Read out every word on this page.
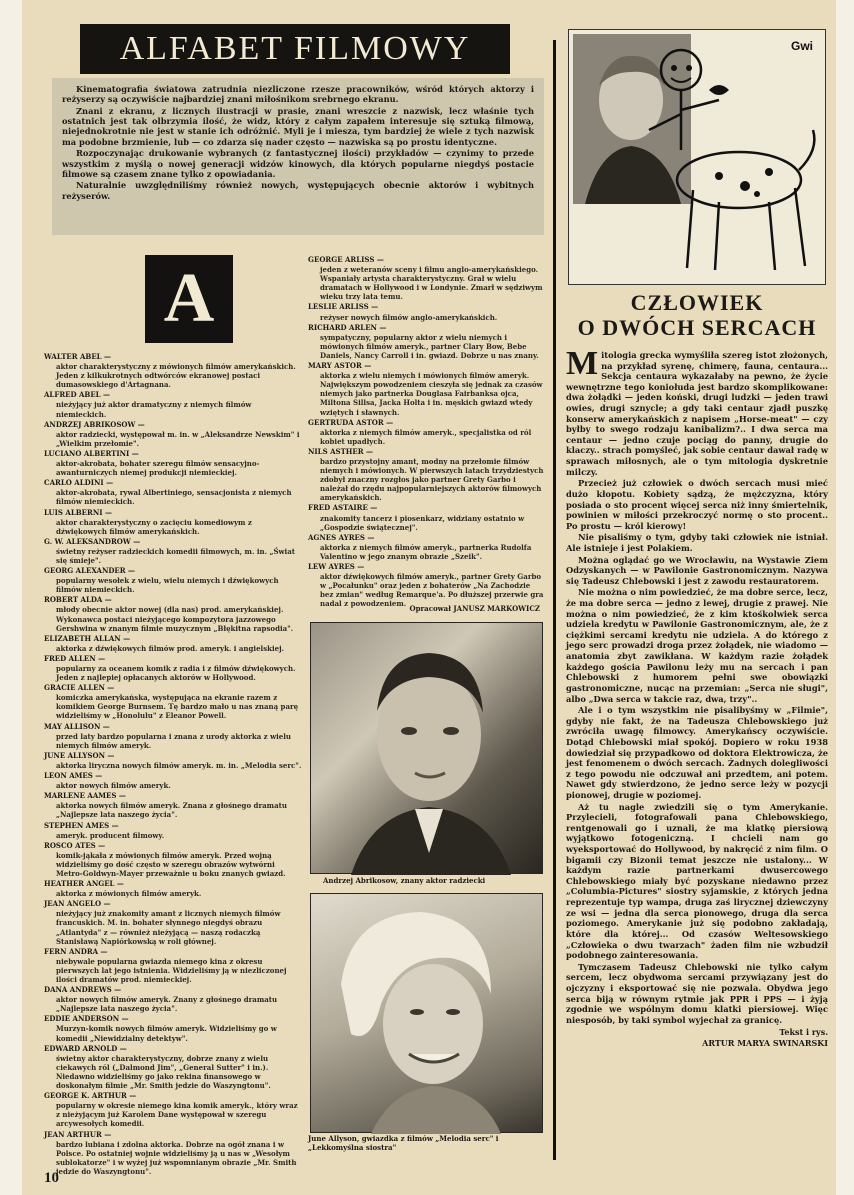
ALFABET FILMOWY

Kinematografia światowa zatrudnia niezliczone rzesze pracowników, wśród których aktorzy i reżyserzy są oczywiście najbardziej znani miłośnikom srebrnego ekranu.

Znani z ekranu, z licznych ilustracji w prasie, znani wreszcie z nazwisk, lecz właśnie tych ostatnich jest tak olbrzymia ilość, że widz, który z całym zapałem interesuje się sztuką filmową, niejednokrotnie nie jest w stanie ich odróżnić. Myli je i miesza, tym bardziej że wiele z tych nazwisk ma podobne brzmienie, lub — co zdarza się nader często — nazwiska są po prostu identyczne.

Rozpoczynając drukowanie wybranych (z fantastycznej ilości) przykładów — czynimy to przede wszystkim z myślą o nowej generacji widzów kinowych, dla których popularne niegdyś postacie filmowe są czasem znane tylko z opowiadania.

Naturalnie uwzględniliśmy również nowych, występujących obecnie aktorów i wybitnych reżyserów.

A
WALTER ABEL —
aktor charakterystyczny z mówionych filmów amerykańskich. Jeden z kilkukrotnych odtwórców ekranowej postaci dumasowskiego d'Artagnana.
ALFRED ABEL —
nieżyjący już aktor dramatyczny z niemych filmów niemieckich.
ANDRZEJ ABRIKOSOW —
aktor radziecki, występował m. in. w „Aleksandrze Newskim" i „Wielkim przełomie".
LUCIANO ALBERTINI —
aktor-akrobata, bohater szeregu filmów sensacyjno-awanturniczych niemej produkcji niemieckiej.
CARLO ALDINI —
aktor-akrobata, rywal Albertiniego, sensacjonista z niemych filmów niemieckich.
LUIS ALBERNI —
aktor charakterystyczny o zacięciu komediowym z dźwiękowych filmów amerykańskich.
G. W. ALEKSANDROW —
świetny reżyser radzieckich komedii filmowych, m. in. „Świat się śmieje".
GEORG ALEXANDER —
popularny wesołek z wielu, wielu niemych i dźwiękowych filmów niemieckich.
ROBERT ALDA —
młody obecnie aktor nowej (dla nas) prod. amerykańskiej. Wykonawca postaci nieżyjącego kompozytora jazzowego Gershwina w znanym filmie muzycznym „Błękitna rapsodia".
ELIZABETH ALLAN —
aktorka z dźwiękowych filmów prod. ameryk. i angielskiej.
FRED ALLEN —
popularny za oceanem komik z radia i z filmów dźwiękowych. Jeden z najlepiej opłacanych aktorów w Hollywood.
GRACIE ALLEN —
komiczka amerykańska, występująca na ekranie razem z komikiem George Burnsem. Tę bardzo mało u nas znaną parę widzieliśmy w „Honolulu" z Eleanor Powell.
MAY ALLISON —
przed laty bardzo popularna i znana z urody aktorka z wielu niemych filmów ameryk.
JUNE ALLYSON —
aktorka liryczna nowych filmów ameryk. m. in. „Melodia serc".
LEON AMES —
aktor nowych filmów ameryk.
MARLENE AAMES —
aktorka nowych filmów ameryk. Znana z głośnego dramatu „Najlepsze lata naszego życia".
STEPHEN AMES —
ameryk. producent filmowy.
ROSCO ATES —
komik-jąkała z mówionych filmów ameryk. Przed wojną widzieliśmy go dość często w szeregu obrazów wytwórni Metro-Goldwyn-Mayer przeważnie u boku znanych gwiazd.
HEATHER ANGEL —
aktorka z mówionych filmów ameryk.
JEAN ANGELO —
nieżyjący już znakomity amant z licznych niemych filmów francuskich. M. in. bohater słynnego niegdyś obrazu „Atlantyda" z — również nieżyjącą — naszą rodaczką Stanisławą Napiórkowską w roli głównej.
FERN ANDRA —
niebywale popularna gwiazda niemego kina z okresu pierwszych lat jego istnienia. Widzieliśmy ją w niezliczonej ilości dramatów prod. niemieckiej.
DANA ANDREWS —
aktor nowych filmów ameryk. Znany z głośnego dramatu „Najlepsze lata naszego życia".
EDDIE ANDERSON —
Murzyn-komik nowych filmów ameryk. Widzieliśmy go w komedii „Niewidzialny detektyw".
EDWARD ARNOLD —
świetny aktor charakterystyczny, dobrze znany z wielu ciekawych ról („Dalmond Jim", „General Sutter" i in.). Niedawno widzieliśmy go jako rekina finansowego w doskonałym filmie „Mr. Smith jedzie do Waszyngtonu".
GEORGE K. ARTHUR —
popularny w okresie niemego kina komik ameryk., który wraz z nieżyjącym już Karolem Dane występował w szeregu arcywesołych komedii.
JEAN ARTHUR —
bardzo lubiana i zdolna aktorka. Dobrze na ogół znana i w Polsce. Po ostatniej wojnie widzieliśmy ją u nas w „Wesołym sublokatorze" i w wyżej już wspomnianym obrazie „Mr. Smith jedzie do Waszyngtonu".
GEORGE ARLISS —
jeden z weteranów sceny i filmu anglo-amerykańskiego. Wspaniały artysta charakterystyczny. Grał w wielu dramatach w Hollywood i w Londynie. Zmarł w sędziwym wieku trzy lata temu.
LESLIE ARLISS —
reżyser nowych filmów anglo-amerykańskich.
RICHARD ARLEN —
sympatyczny, popularny aktor z wielu niemych i mówionych filmów ameryk., partner Clary Bow, Bebe Daniels, Nancy Carroll i in. gwiazd. Dobrze u nas znany.
MARY ASTOR —
aktorka z wielu niemych i mówionych filmów ameryk. Największym powodzeniem cieszyła się jednak za czasów niemych jako partnerka Douglasa Fairbanksa ojca, Miltona Sillsa, Jacka Holta i in. męskich gwiazd wtedy wziętych i sławnych.
GERTRUDA ASTOR —
aktorka z niemych filmów ameryk., specjalistka od ról kobiet upadłych.
NILS ASTHER —
bardzo przystojny amant, modny na przełomie filmów niemych i mówionych. W pierwszych latach trzydziestych zdobył znaczny rozgłos jako partner Grety Garbo i należał do rzędu najpopularniejszych aktorów filmowych amerykańskich.
FRED ASTAIRE —
znakomity tancerz i piosenkarz, widziany ostatnio w „Gospodzie świątecznej".
AGNES AYRES —
aktorka z niemych filmów ameryk., partnerka Rudolfa Valentino w jego znanym obrazie „Szeik".
LEW AYRES —
aktor dźwiękowych filmów ameryk., partner Grety Garbo w „Pocałunku" oraz jeden z bohaterów „Na Zachodzie bez zmian" według Remarque'a. Po dłuższej przerwie gra nadal z powodzeniem.
Opracował JANUSZ MARKOWICZ
Andrzej Abrikosow, znany aktor radziecki
June Allyson, gwiazdka z filmów „Melodia serc" i „Lekkomyślna siostra"
Gwi
CZŁOWIEK
O DWÓCH SERCACH

Mitologia grecka wymyśliła szereg istot złożonych, na przykład syrenę, chimerę, fauna, centaura... Sekcja centaura wykazałaby na pewno, że życie wewnętrzne tego koniołuda jest bardzo skomplikowane: dwa żołądki — jeden koński, drugi ludzki — jeden trawi owies, drugi sznycle; a gdy taki centaur zjadł puszkę konserw amerykańskich z napisem „Horse-meat" — czy byłby to swego rodzaju kanibalizm?.. I dwa serca ma centaur — jedno czuje pociąg do panny, drugie do klaczy.. strach pomyśleć, jak sobie centaur dawał radę w sprawach miłosnych, ale o tym mitologia dyskretnie milczy.

Przecież już człowiek o dwóch sercach musi mieć dużo kłopotu. Kobiety sądzą, że mężczyzna, który posiada o sto procent więcej serca niż inny śmiertelnik, powinien w miłości przekroczyć normę o sto procent.. Po prostu — król kierowy!

Nie pisaliśmy o tym, gdyby taki człowiek nie istniał. Ale istnieje i jest Polakiem.

Można oglądać go we Wrocławiu, na Wystawie Ziem Odzyskanych — w Pawilonie Gastronomicznym. Nazywa się Tadeusz Chlebowski i jest z zawodu restauratorem.

Nie można o nim powiedzieć, że ma dobre serce, lecz, że ma dobre serca — jedno z lewej, drugie z prawej. Nie można o nim powiedzieć, że z kim ktośkolwiek serca udziela kredytu w Pawilonie Gastronomicznym, ale, że z ciężkimi sercami kredytu nie udziela. A do którego z jego serc prowadzi droga przez żołądek, nie wiadomo — anatomia zbyt zawikłana. W każdym razie żołądek każdego gościa Pawilonu leży mu na sercach i pan Chlebowski z humorem pełni swe obowiązki gastronomiczne, nucąc na przemian: „Serca nie sługi", albo „Dwa serca w takcie raz, dwa, trzy"..

Ale i o tym wszystkim nie pisalibyśmy w „Filmie", gdyby nie fakt, że na Tadeusza Chlebowskiego już zwróciła uwagę filmowcy. Amerykańscy oczywiście. Dotąd Chlebowski miał spokój. Dopiero w roku 1938 dowiedział się przypadkowo od doktora Elektrowicza, że jest fenomenem o dwóch sercach. Żadnych dolegliwości z tego powodu nie odczuwał ani przedtem, ani potem. Nawet gdy stwierdzono, że jedno serce leży w pozycji pionowej, drugie w poziomej.

Aż tu nagle zwiedzili się o tym Amerykanie. Przylecieli, fotografowali pana Chlebowskiego, rentgenowali go i uznali, że ma klatkę piersiową wyjątkowo fotogeniczną. I chcieli nam go wyeksportować do Hollywood, by nakręcić z nim film. O bigamii czy Bizonii temat jeszcze nie ustalony... W każdym razie partnerkami dwusercowego Chlebowskiego miały być pozyskane niedawno przez „Columbia-Pictures" siostry syjamskie, z których jedna reprezentuje typ wampa, druga zaś lirycznej dziewczyny ze wsi — jedna dla serca pionowego, druga dla serca poziomego. Amerykanie już się podobno zakładają, które dla której... Od czasów Weltesowskiego „Człowieka o dwu twarzach" żaden film nie wzbudził podobnego zainteresowania.

Tymczasem Tadeusz Chlebowski nie tylko całym sercem, lecz obydwoma sercami przywiązany jest do ojczyzny i eksportować się nie pozwala. Obydwa jego serca biją w równym rytmie jak PPR i PPS — i żyją zgodnie we wspólnym domu klatki piersiowej. Więc niesposób, by taki symbol wyjechał za granicę.

Tekst i rys.
ARTUR MARYA SWINARSKI
10
